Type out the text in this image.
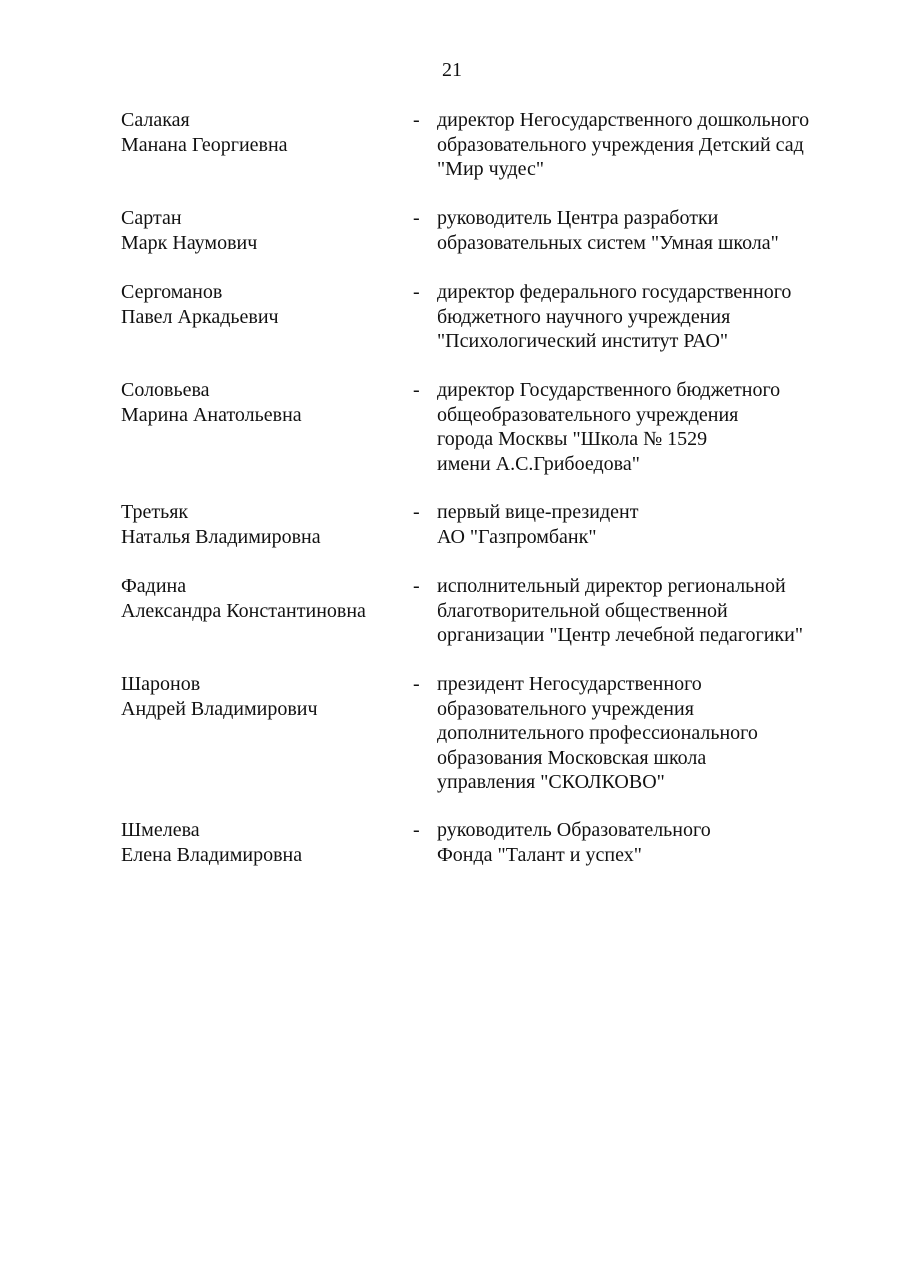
21
Салакая
Манана Георгиевна
- директор Негосударственного дошкольного
образовательного учреждения Детский сад
"Мир чудес"
Сартан
Марк Наумович
- руководитель Центра разработки
образовательных систем "Умная школа"
Сергоманов
Павел Аркадьевич
- директор федерального государственного
бюджетного научного учреждения
"Психологический институт РАО"
Соловьева
Марина Анатольевна
- директор Государственного бюджетного
общеобразовательного учреждения
города Москвы "Школа № 1529
имени А.С.Грибоедова"
Третьяк
Наталья Владимировна
- первый вице-президент
АО "Газпромбанк"
Фадина
Александра Константиновна
- исполнительный директор региональной
благотворительной общественной
организации "Центр лечебной педагогики"
Шаронов
Андрей Владимирович
- президент Негосударственного
образовательного учреждения
дополнительного профессионального
образования Московская школа
управления "СКОЛКОВО"
Шмелева
Елена Владимировна
- руководитель Образовательного
Фонда "Талант и успех"
